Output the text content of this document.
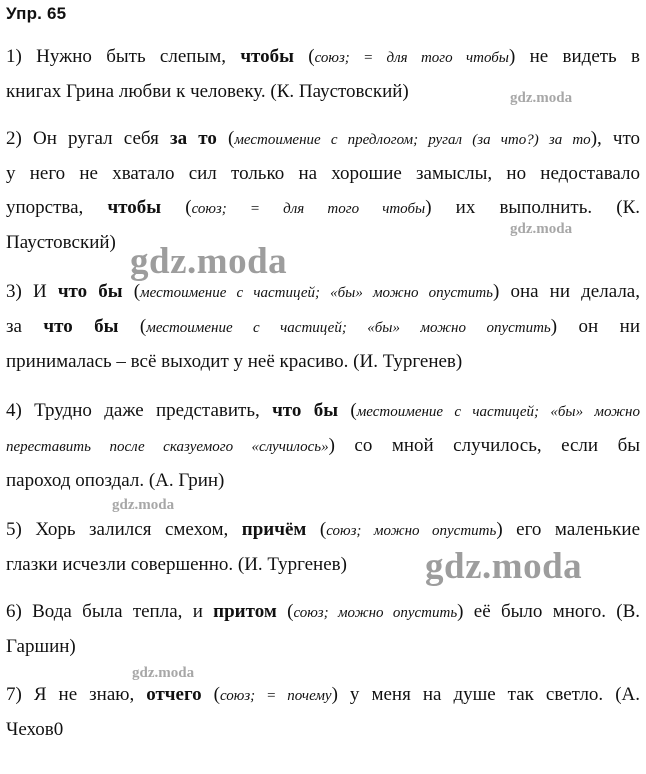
Упр. 65
1) Нужно быть слепым, чтобы (союз; = для того чтобы) не видеть в
книгах Грина любви к человеку. (К. Паустовский)
2) Он ругал себя за то (местоимение с предлогом; ругал (за что?) за то), что
у него не хватало сил только на хорошие замыслы, но недоставало
упорства, чтобы (союз; = для того чтобы) их выполнить. (К.
Паустовский)
3) И что бы (местоимение с частицей; «бы» можно опустить) она ни делала,
за что бы (местоимение с частицей; «бы» можно опустить) он ни
принималась – всё выходит у неё красиво. (И. Тургенев)
4) Трудно даже представить, что бы (местоимение с частицей; «бы» можно
переставить после сказуемого «случилось») со мной случилось, если бы
пароход опоздал. (А. Грин)
5) Хорь залился смехом, причём (союз; можно опустить) его маленькие
глазки исчезли совершенно. (И. Тургенев)
6) Вода была тепла, и притом (союз; можно опустить) её было много. (В.
Гаршин)
7) Я не знаю, отчего (союз; = почему) у меня на душе так светло. (А.
Чехов0
gdz.moda
gdz.moda
gdz.moda
gdz.moda
gdz.moda
gdz.moda
